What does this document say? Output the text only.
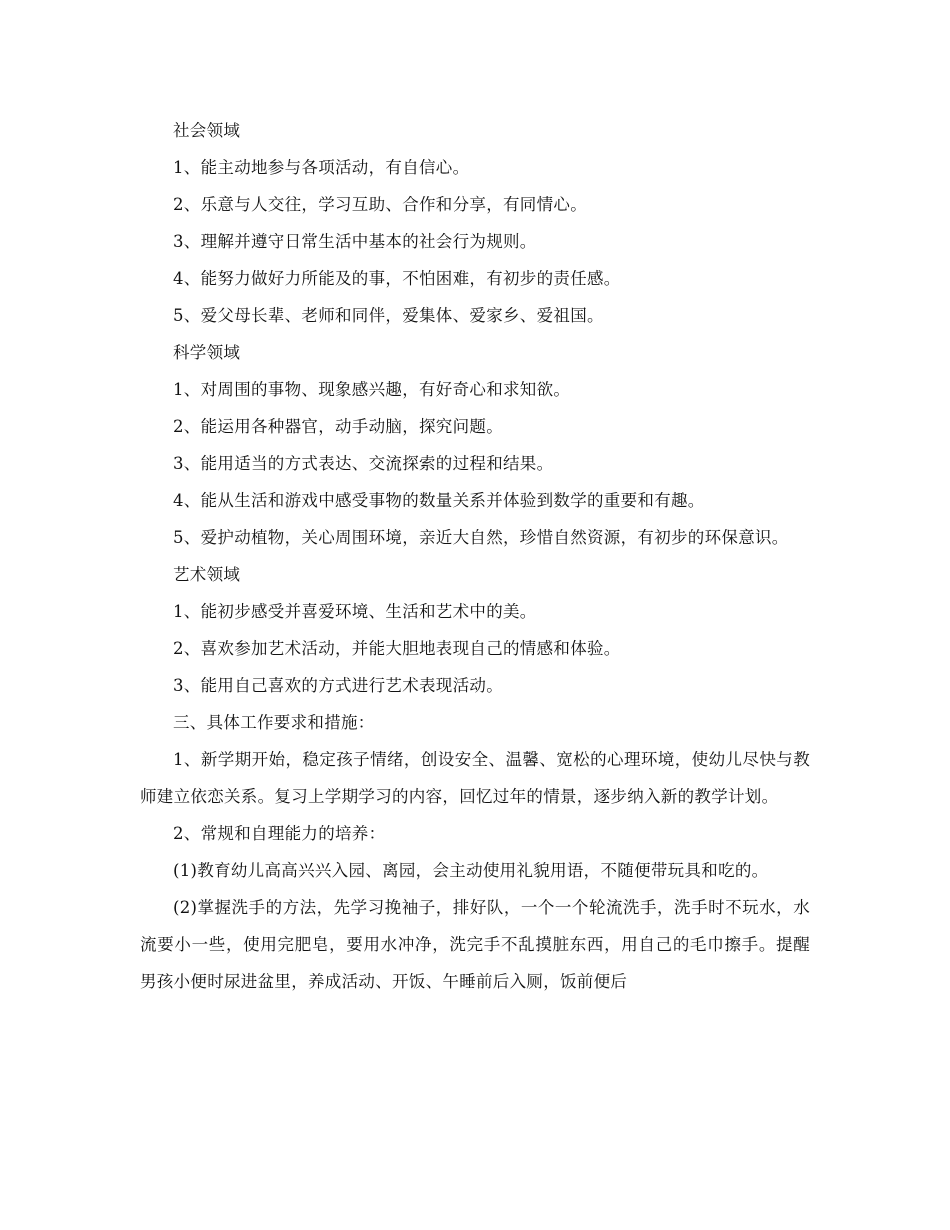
社会领域

1、能主动地参与各项活动，有自信心。

2、乐意与人交往，学习互助、合作和分享，有同情心。

3、理解并遵守日常生活中基本的社会行为规则。

4、能努力做好力所能及的事，不怕困难，有初步的责任感。

5、爱父母长辈、老师和同伴，爱集体、爱家乡、爱祖国。

科学领域

1、对周围的事物、现象感兴趣，有好奇心和求知欲。

2、能运用各种器官，动手动脑，探究问题。

3、能用适当的方式表达、交流探索的过程和结果。

4、能从生活和游戏中感受事物的数量关系并体验到数学的重要和有趣。

5、爱护动植物，关心周围环境，亲近大自然，珍惜自然资源，有初步的环保意识。

艺术领域

1、能初步感受并喜爱环境、生活和艺术中的美。

2、喜欢参加艺术活动，并能大胆地表现自己的情感和体验。

3、能用自己喜欢的方式进行艺术表现活动。

三、具体工作要求和措施：

1、新学期开始，稳定孩子情绪，创设安全、温馨、宽松的心理环境，使幼儿尽快与教师建立依恋关系。复习上学期学习的内容，回忆过年的情景，逐步纳入新的教学计划。

2、常规和自理能力的培养：

(1)教育幼儿高高兴兴入园、离园，会主动使用礼貌用语，不随便带玩具和吃的。

(2)掌握洗手的方法，先学习挽袖子，排好队，一个一个轮流洗手，洗手时不玩水，水流要小一些，使用完肥皂，要用水冲净，洗完手不乱摸脏东西，用自己的毛巾擦手。提醒男孩小便时尿进盆里，养成活动、开饭、午睡前后入厕，饭前便后
